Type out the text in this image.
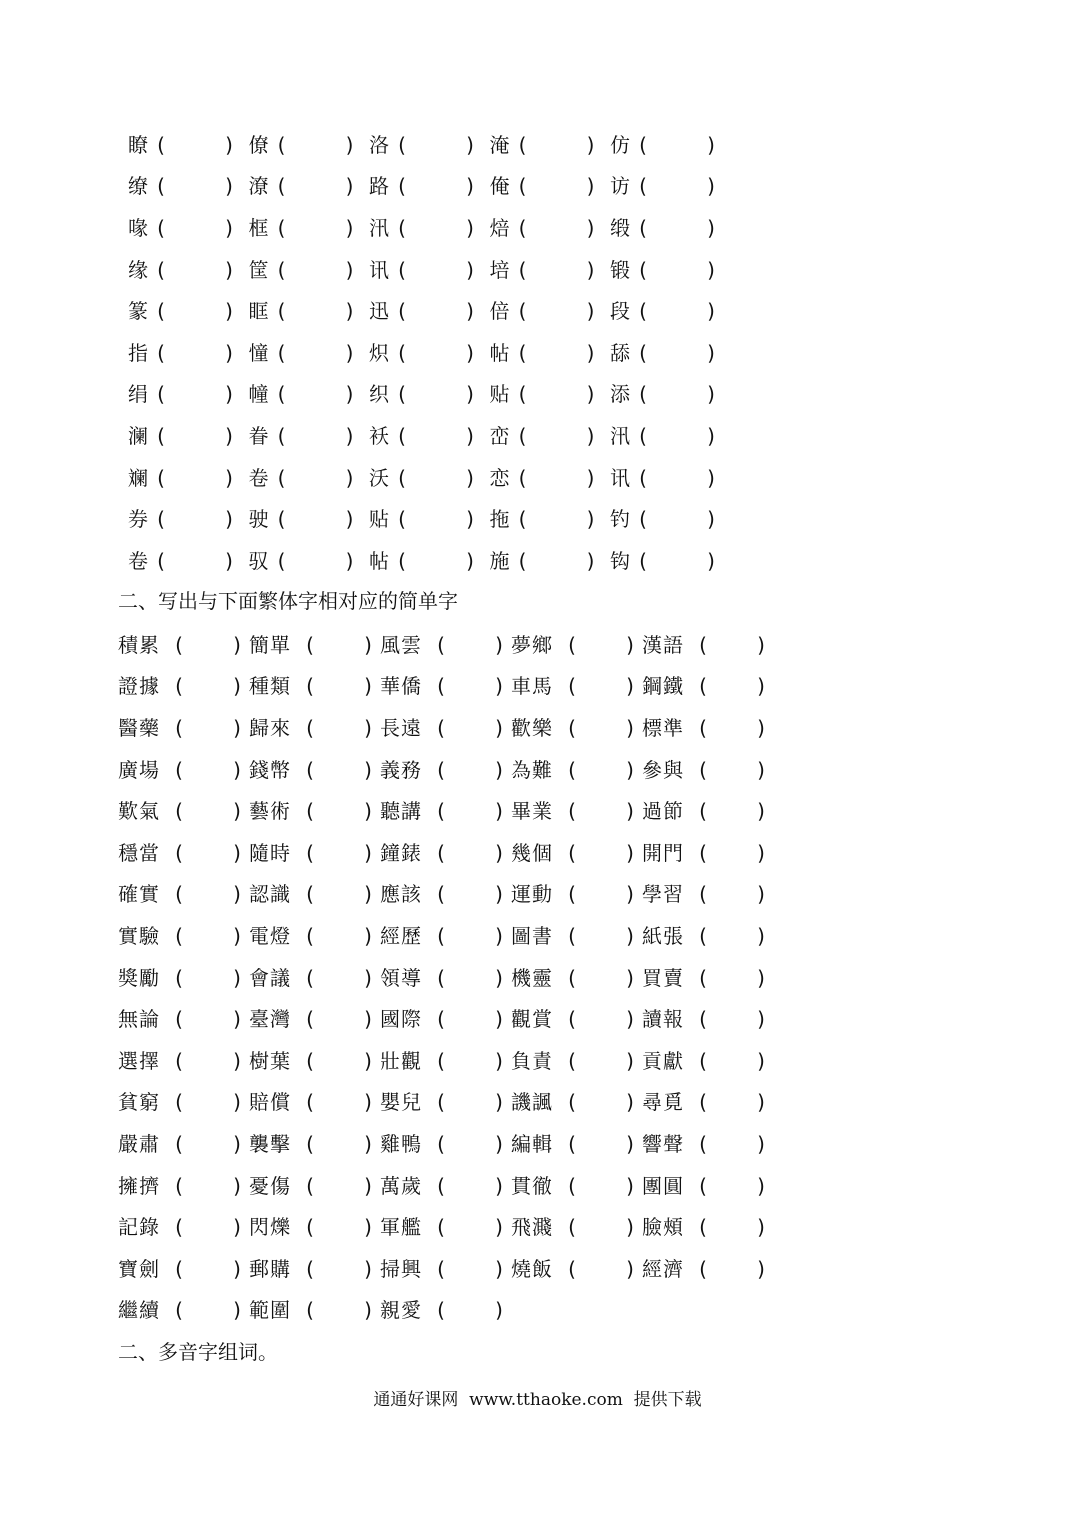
瞭 (	) 僚 (	) 洛 (	) 淹 (	) 仿 (	)
缭 (	) 潦 (	) 路 (	) 俺 (	) 访 (	)
喙 (	) 框 (	) 汛 (	) 焙 (	) 缎 (	)
缘 (	) 筐 (	) 讯 (	) 培 (	) 锻 (	)
篆 (	) 眶 (	) 迅 (	) 倍 (	) 段 (	)
指 (	) 憧 (	) 炽 (	) 帖 (	) 舔 (	)
绢 (	) 幢 (	) 织 (	) 贴 (	) 添 (	)
澜 (	) 眷 (	) 袄 (	) 峦 (	) 汛 (	)
斓 (	) 卷 (	) 沃 (	) 恋 (	) 讯 (	)
券 (	) 驶 (	) 贴 (	) 拖 (	) 钓 (	)
卷 (	) 驭 (	) 帖 (	) 施 (	) 钩 (	)
二、写出与下面繁体字相对应的简单字
積累 (	) 簡單 (	) 風雲 (	) 夢鄉 (	) 漢語 (	)
證據 (	) 種類 (	) 華僑 (	) 車馬 (	) 鋼鐵 (	)
醫藥 (	) 歸來 (	) 長遠 (	) 歡樂 (	) 標準 (	)
廣場 (	) 錢幣 (	) 義務 (	) 為難 (	) 參與 (	)
歎氣 (	) 藝術 (	) 聽講 (	) 畢業 (	) 過節 (	)
穩當 (	) 隨時 (	) 鐘錶 (	) 幾個 (	) 開門 (	)
確實 (	) 認識 (	) 應該 (	) 運動 (	) 學習 (	)
實驗 (	) 電燈 (	) 經歷 (	) 圖書 (	) 紙張 (	)
獎勵 (	) 會議 (	) 領導 (	) 機靈 (	) 買賣 (	)
無論 (	) 臺灣 (	) 國際 (	) 觀賞 (	) 讀報 (	)
選擇 (	) 樹葉 (	) 壯觀 (	) 負責 (	) 貢獻 (	)
貧窮 (	) 賠償 (	) 嬰兒 (	) 譏諷 (	) 尋覓 (	)
嚴肅 (	) 襲擊 (	) 雞鴨 (	) 編輯 (	) 響聲 (	)
擁擠 (	) 憂傷 (	) 萬歲 (	) 貫徹 (	) 團圓 (	)
記錄 (	) 閃爍 (	) 軍艦 (	) 飛濺 (	) 臉頰 (	)
寶劍 (	) 郵購 (	) 掃興 (	) 燒飯 (	) 經濟 (	)
繼續 (	) 範圍 (	) 親愛 (	)
二、多音字组词。
通通好课网  www.tthaoke.com  提供下载
